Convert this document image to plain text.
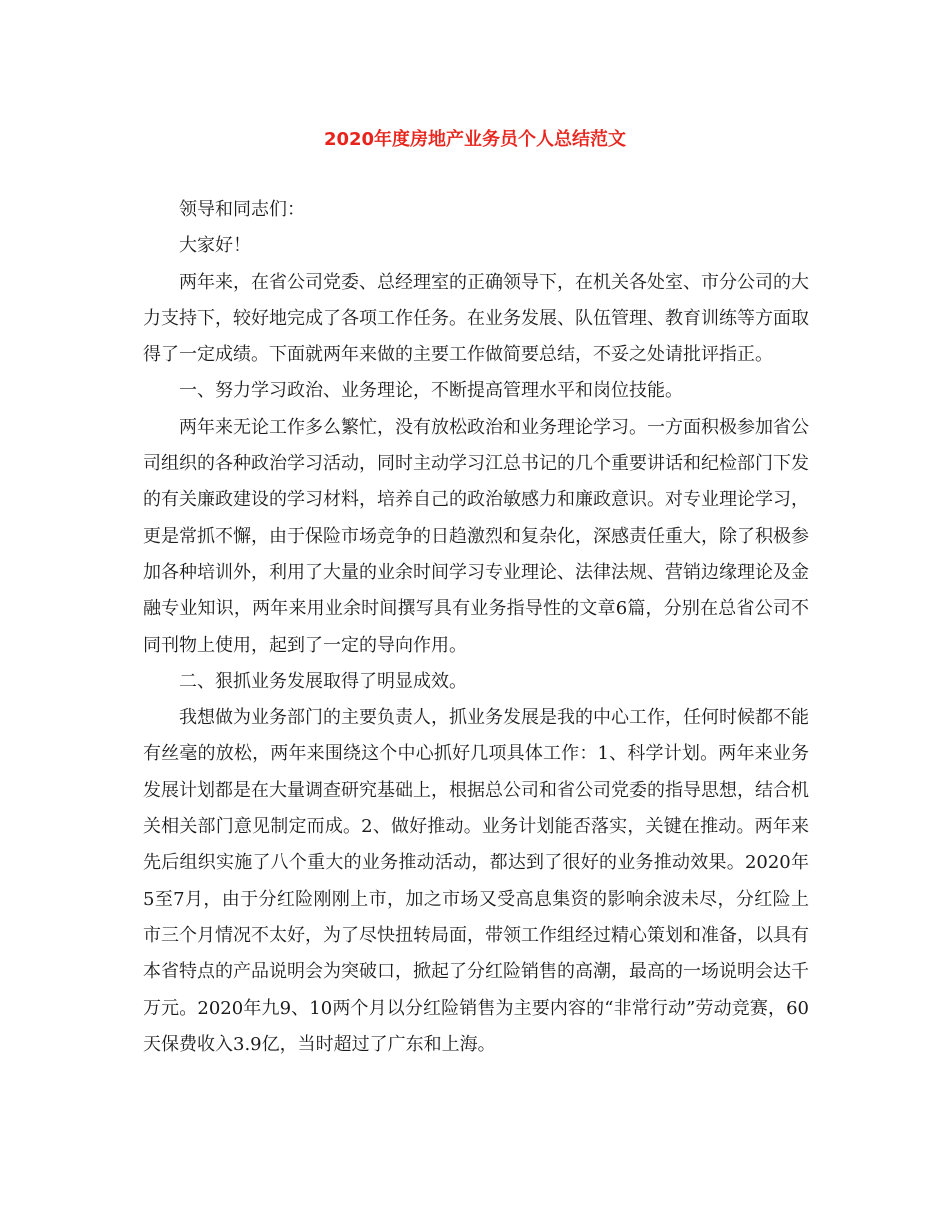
2020年度房地产业务员个人总结范文

领导和同志们：

大家好！

两年来，在省公司党委、总经理室的正确领导下，在机关各处室、市分公司的大力支持下，较好地完成了各项工作任务。在业务发展、队伍管理、教育训练等方面取得了一定成绩。下面就两年来做的主要工作做简要总结，不妥之处请批评指正。

一、努力学习政治、业务理论，不断提高管理水平和岗位技能。

两年来无论工作多么繁忙，没有放松政治和业务理论学习。一方面积极参加省公司组织的各种政治学习活动，同时主动学习江总书记的几个重要讲话和纪检部门下发的有关廉政建设的学习材料，培养自己的政治敏感力和廉政意识。对专业理论学习，更是常抓不懈，由于保险市场竞争的日趋激烈和复杂化，深感责任重大，除了积极参加各种培训外，利用了大量的业余时间学习专业理论、法律法规、营销边缘理论及金融专业知识，两年来用业余时间撰写具有业务指导性的文章6篇，分别在总省公司不同刊物上使用，起到了一定的导向作用。

二、狠抓业务发展取得了明显成效。

我想做为业务部门的主要负责人，抓业务发展是我的中心工作，任何时候都不能有丝毫的放松，两年来围绕这个中心抓好几项具体工作：1、科学计划。两年来业务发展计划都是在大量调查研究基础上，根据总公司和省公司党委的指导思想，结合机关相关部门意见制定而成。2、做好推动。业务计划能否落实，关键在推动。两年来先后组织实施了八个重大的业务推动活动，都达到了很好的业务推动效果。2020年5至7月，由于分红险刚刚上市，加之市场又受高息集资的影响余波未尽，分红险上市三个月情况不太好，为了尽快扭转局面，带领工作组经过精心策划和准备，以具有本省特点的产品说明会为突破口，掀起了分红险销售的高潮，最高的一场说明会达千万元。2020年九9、10两个月以分红险销售为主要内容的“非常行动”劳动竞赛，60天保费收入3.9亿，当时超过了广东和上海。
